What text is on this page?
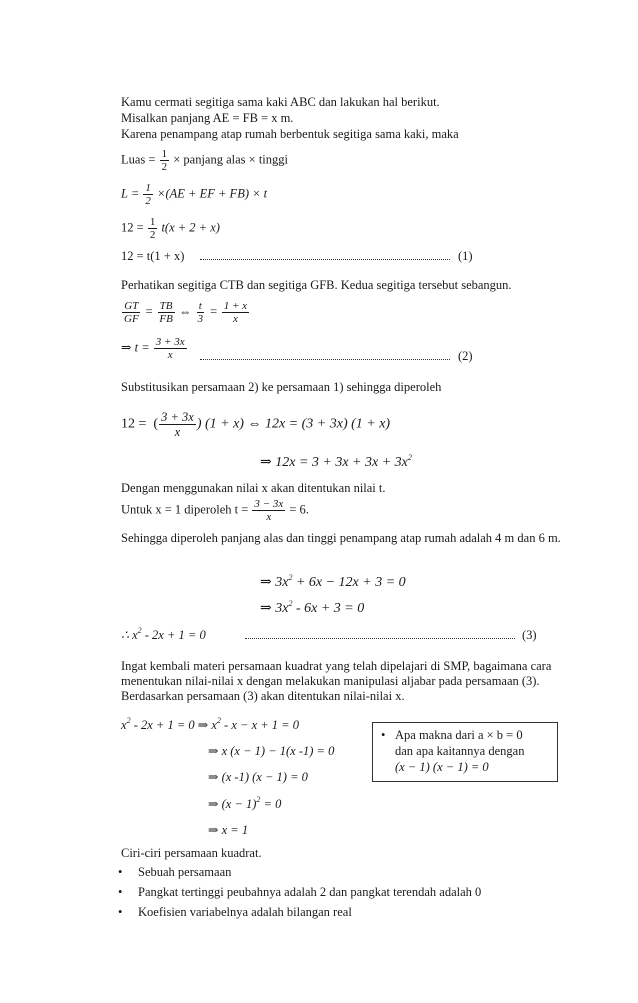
Kamu cermati segitiga sama kaki ABC dan lakukan hal berikut.
Misalkan panjang AE = FB = x m.
Karena penampang atap rumah berbentuk segitiga sama kaki, maka
Luas = $\frac{1}{2}$ × panjang alas × tinggi
$L = \frac{1}{2} \times(AE$ + EF + FB) × t
$12 = \frac{1}{2} t(x + 2 + x)$
12 = t(1 + x)	(1)
Perhatikan segitiga CTB dan segitiga GFB. Kedua segitiga tersebut sebangun.
$\frac{GT}{GF} = \frac{TB}{FB}$ ⇔ $\frac{t}{3} = \frac{1 + x}{x}$
⇒ $t = \frac{3 + 3x}{x}$	(2)
Substitusikan persamaan 2) ke persamaan 1) sehingga diperoleh
12 = ( $\frac{3 + 3x}{x}$ ) (1 + x) ⇔ 12x = (3 + 3x) (1 + x)
⇒ $12x = 3 + 3x + 3x + 3x^2$
Dengan menggunakan nilai x akan ditentukan nilai t.
Untuk x = 1 diperoleh $t = \frac{3 - 3x}{x} = 6$.
Sehingga diperoleh panjang alas dan tinggi penampang atap rumah adalah 4 m dan 6 m.
⇒ $3x^2 + 6x - 12x + 3 = 0$
⇒ $3x^2 - 6x + 3 = 0$
∴ $x^2 - 2x + 1 = 0$	(3)
Ingat kembali materi persamaan kuadrat yang telah dipelajari di SMP, bagaimana cara menentukan nilai-nilai x dengan melakukan manipulasi aljabar pada persamaan (3). Berdasarkan persamaan (3) akan ditentukan nilai-nilai x.
$x^2 - 2x + 1 = 0$ ⇒ $x^2 - x - x + 1 = 0$
⇒ x (x − 1) − 1(x -1) = 0
⇒ (x -1) (x − 1) = 0
⇒ $(x - 1)^2 = 0$
⇒ x = 1
• Apa makna dari a × b = 0
dan apa kaitannya dengan
(x − 1) (x − 1) = 0
Ciri-ciri persamaan kuadrat.
• Sebuah persamaan
• Pangkat tertinggi peubahnya adalah 2 dan pangkat terendah adalah 0
• Koefisien variabelnya adalah bilangan real
